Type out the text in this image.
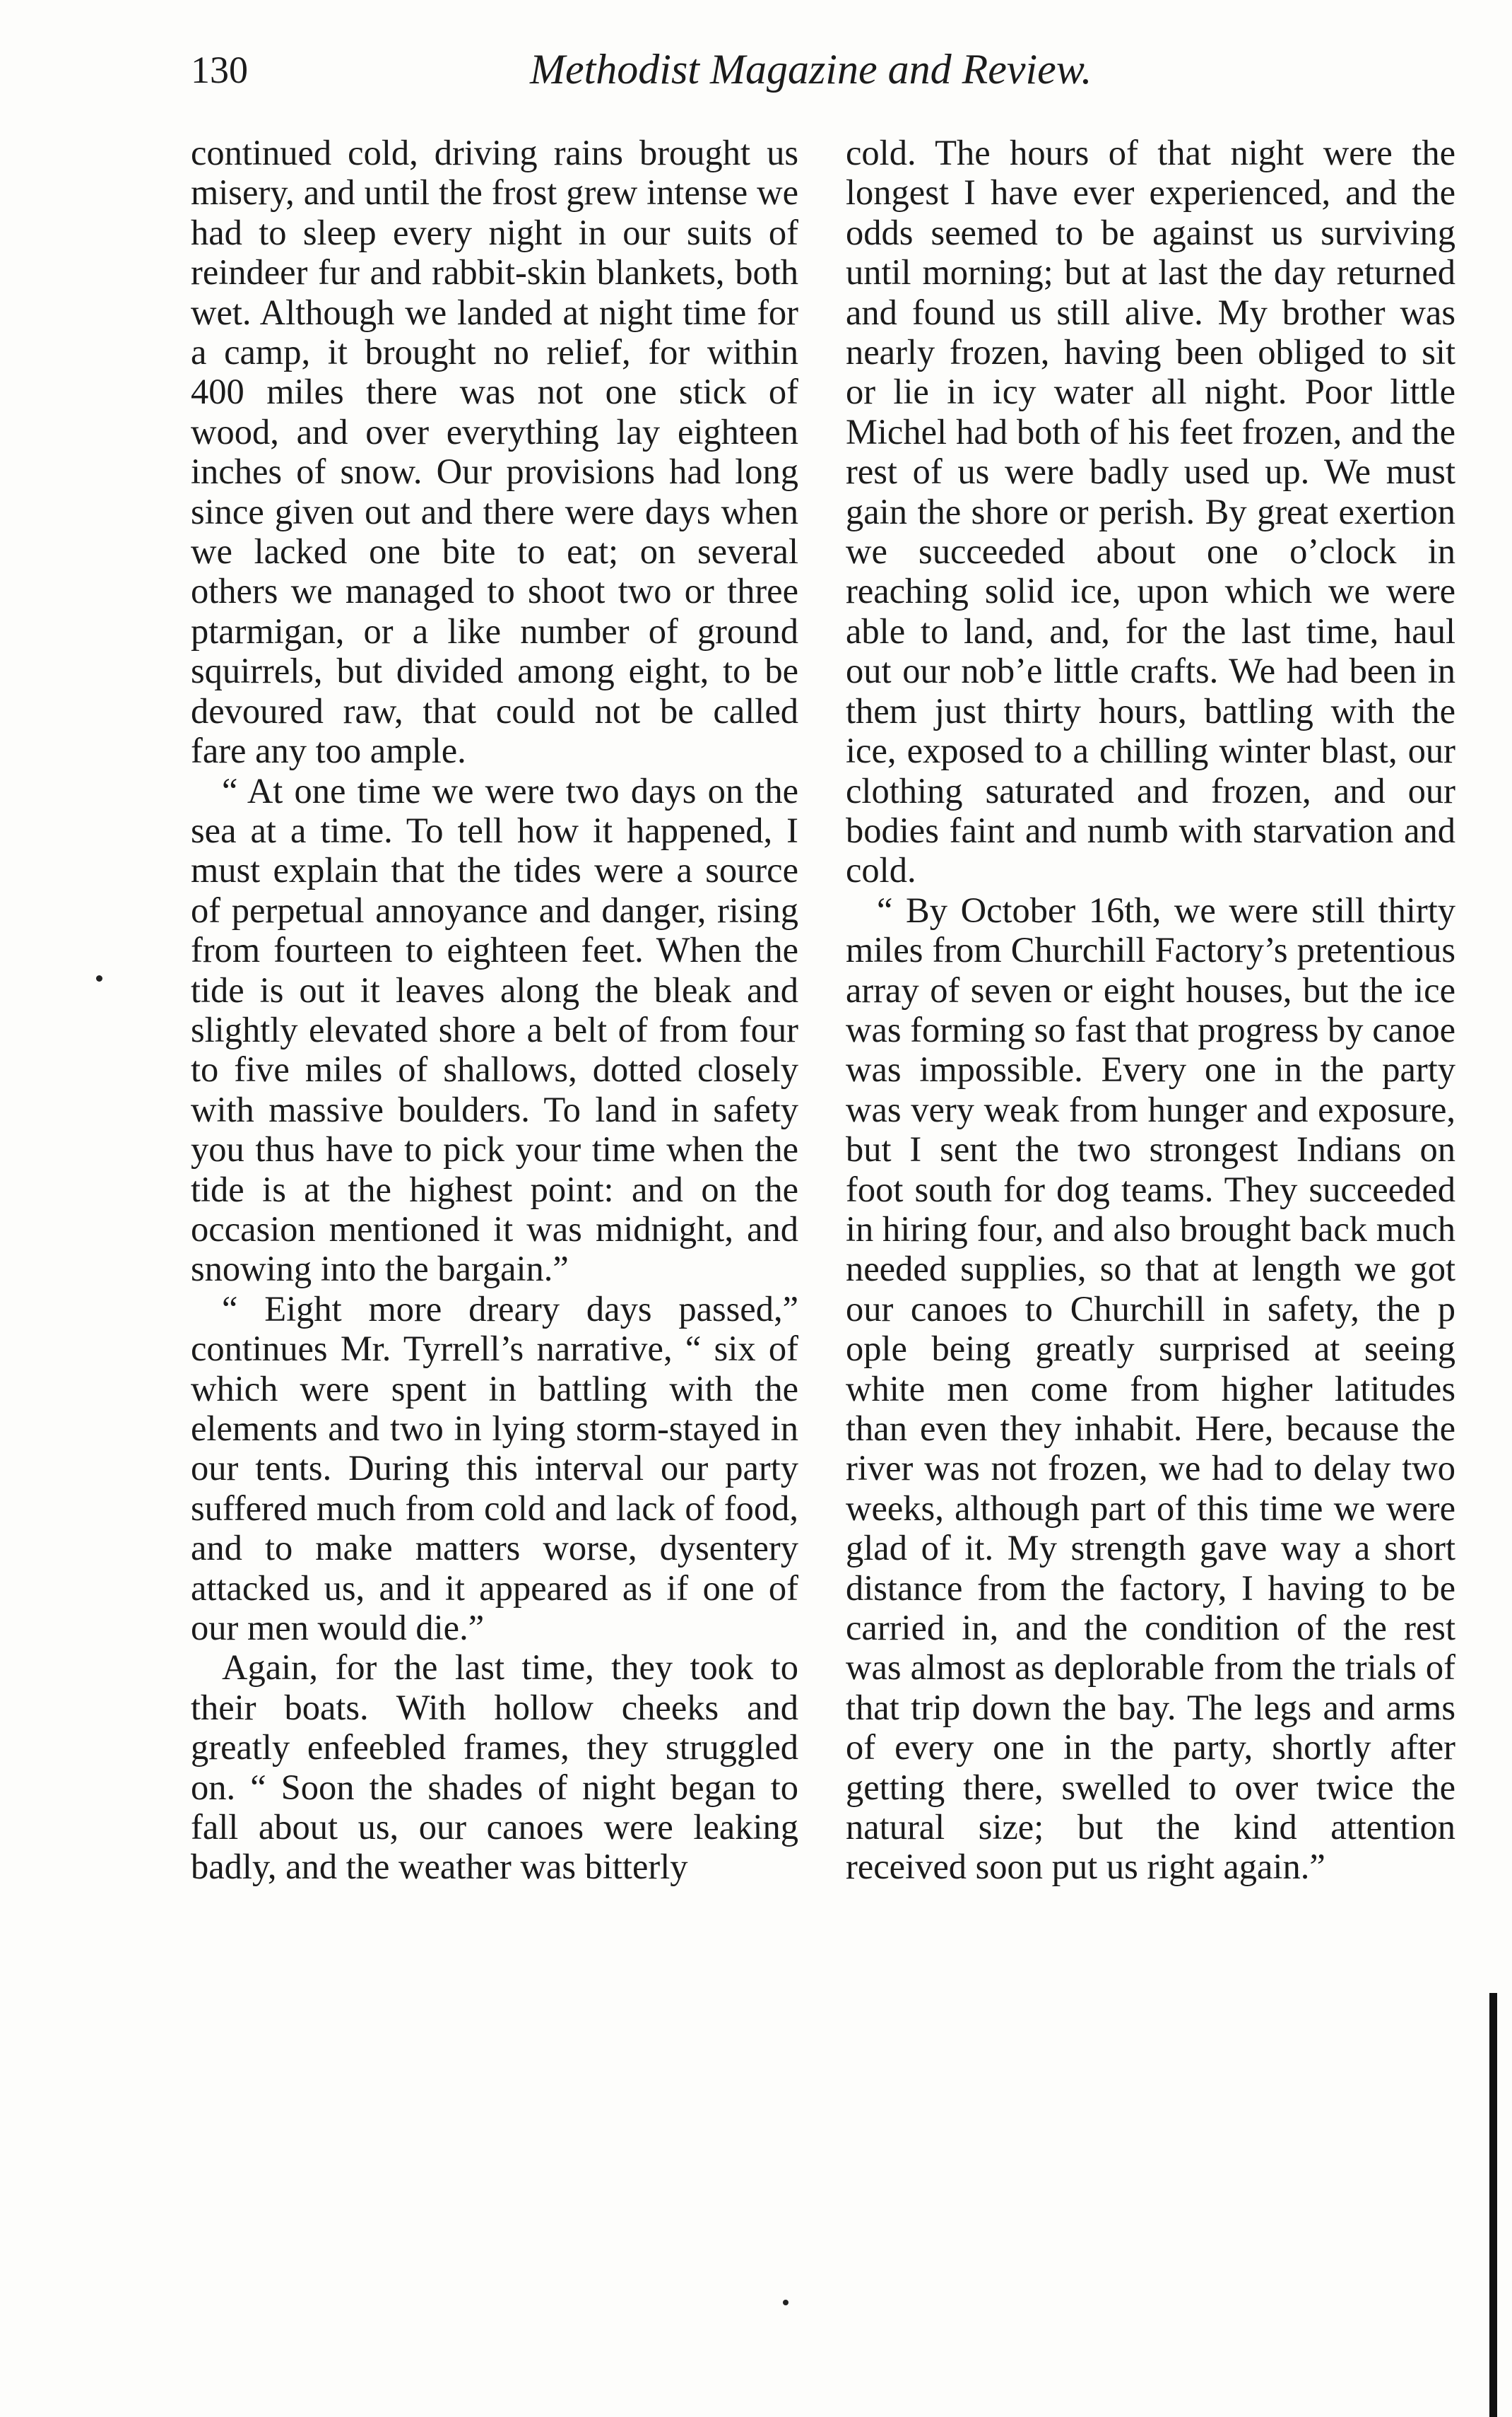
130	Methodist Magazine and Review.

continued cold, driving rains brought us misery, and until the frost grew intense we had to sleep every night in our suits of reindeer fur and rabbit-skin blankets, both wet. Although we landed at night time for a camp, it brought no relief, for within 400 miles there was not one stick of wood, and over everything lay eighteen inches of snow. Our provisions had long since given out and there were days when we lacked one bite to eat; on several others we managed to shoot two or three ptarmigan, or a like number of ground squirrels, but divided among eight, to be devoured raw, that could not be called fare any too ample.

“ At one time we were two days on the sea at a time. To tell how it happened, I must explain that the tides were a source of perpetual annoyance and danger, rising from fourteen to eighteen feet. When the tide is out it leaves along the bleak and slightly elevated shore a belt of from four to five miles of shallows, dotted closely with massive boulders. To land in safety you thus have to pick your time when the tide is at the highest point: and on the occasion mentioned it was midnight, and snowing into the bargain.”

“ Eight more dreary days passed,” continues Mr. Tyrrell’s narrative, “ six of which were spent in battling with the elements and two in lying storm-stayed in our tents. During this interval our party suffered much from cold and lack of food, and to make matters worse, dysentery attacked us, and it appeared as if one of our men would die.”

Again, for the last time, they took to their boats. With hollow cheeks and greatly enfeebled frames, they struggled on. “ Soon the shades of night began to fall about us, our canoes were leaking badly, and the weather was bitterly

cold. The hours of that night were the longest I have ever experienced, and the odds seemed to be against us surviving until morning; but at last the day returned and found us still alive. My brother was nearly frozen, having been obliged to sit or lie in icy water all night. Poor little Michel had both of his feet frozen, and the rest of us were badly used up. We must gain the shore or perish. By great exertion we succeeded about one o’clock in reaching solid ice, upon which we were able to land, and, for the last time, haul out our nob’e little crafts. We had been in them just thirty hours, battling with the ice, exposed to a chilling winter blast, our clothing saturated and frozen, and our bodies faint and numb with starvation and cold.

“ By October 16th, we were still thirty miles from Churchill Factory’s pretentious array of seven or eight houses, but the ice was forming so fast that progress by canoe was impossible. Every one in the party was very weak from hunger and exposure, but I sent the two strongest Indians on foot south for dog teams. They succeeded in hiring four, and also brought back much needed supplies, so that at length we got our canoes to Churchill in safety, the p ople being greatly surprised at seeing white men come from higher latitudes than even they inhabit. Here, because the river was not frozen, we had to delay two weeks, although part of this time we were glad of it. My strength gave way a short distance from the factory, I having to be carried in, and the condition of the rest was almost as deplorable from the trials of that trip down the bay. The legs and arms of every one in the party, shortly after getting there, swelled to over twice the natural size; but the kind attention received soon put us right again.”
